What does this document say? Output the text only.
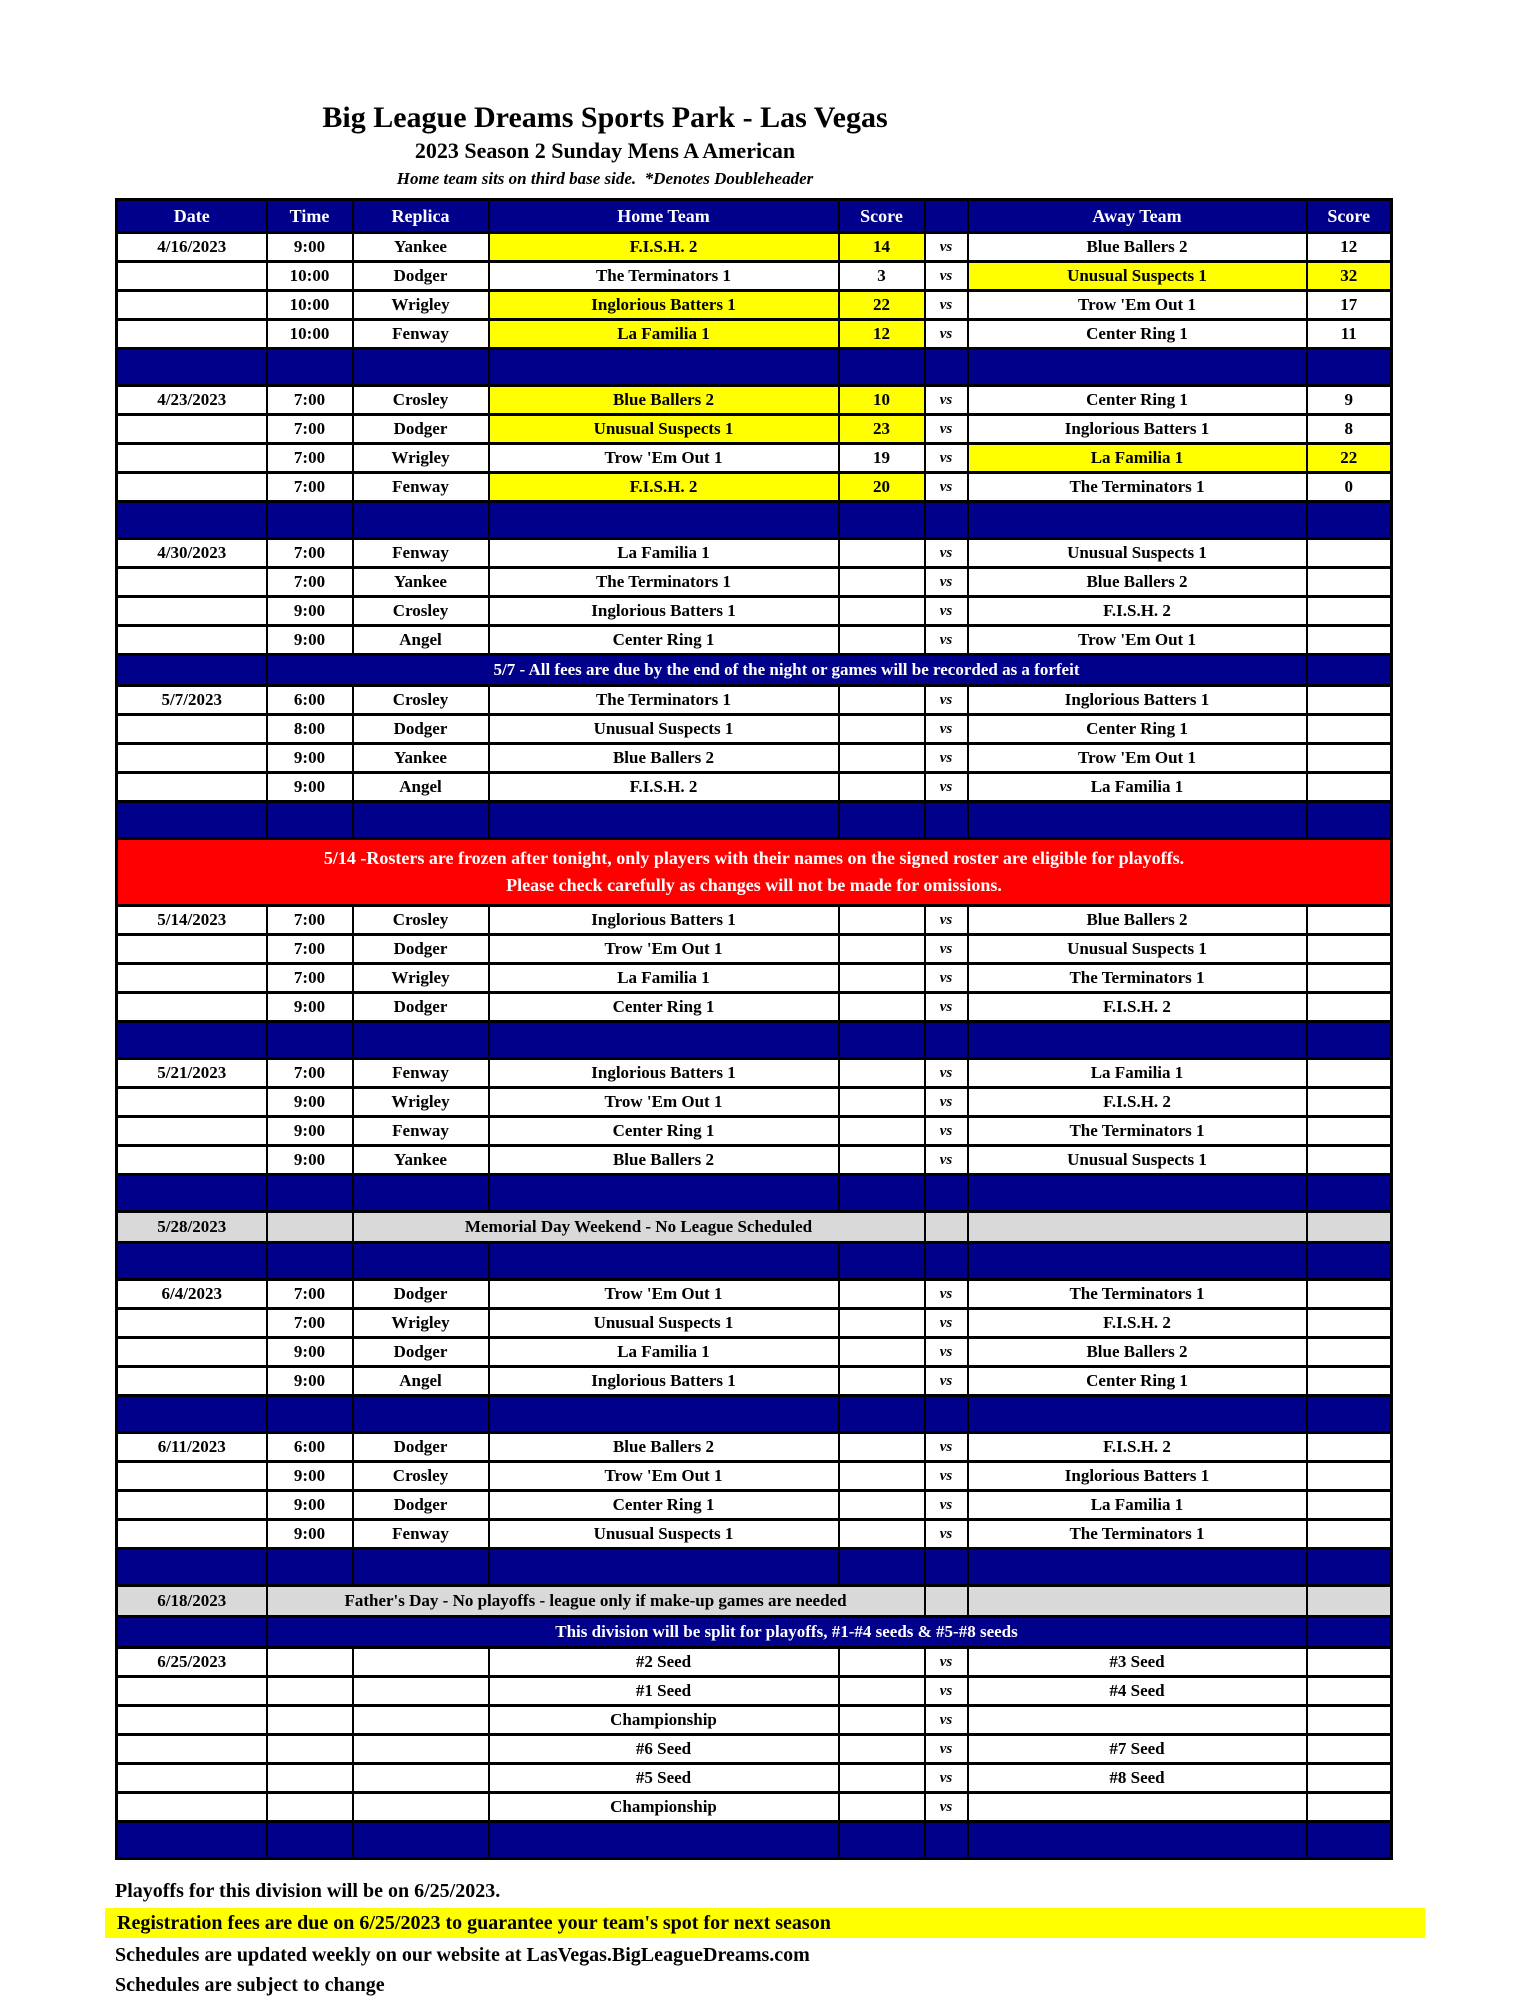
Big League Dreams Sports Park - Las Vegas
2023 Season 2 Sunday Mens A American
Home team sits on third base side.  *Denotes Doubleheader
Date	Time	Replica	Home Team	Score		Away Team	Score
4/16/2023	9:00	Yankee	F.I.S.H. 2	14	vs	Blue Ballers 2	12
	10:00	Dodger	The Terminators 1	3	vs	Unusual Suspects 1	32
	10:00	Wrigley	Inglorious Batters 1	22	vs	Trow 'Em Out 1	17
	10:00	Fenway	La Familia 1	12	vs	Center Ring 1	11

4/23/2023	7:00	Crosley	Blue Ballers 2	10	vs	Center Ring 1	9
	7:00	Dodger	Unusual Suspects 1	23	vs	Inglorious Batters 1	8
	7:00	Wrigley	Trow 'Em Out 1	19	vs	La Familia 1	22
	7:00	Fenway	F.I.S.H. 2	20	vs	The Terminators 1	0

4/30/2023	7:00	Fenway	La Familia 1		vs	Unusual Suspects 1	
	7:00	Yankee	The Terminators 1		vs	Blue Ballers 2	
	9:00	Crosley	Inglorious Batters 1		vs	F.I.S.H. 2	
	9:00	Angel	Center Ring 1		vs	Trow 'Em Out 1	
	5/7 - All fees are due by the end of the night or games will be recorded as a forfeit						
5/7/2023	6:00	Crosley	The Terminators 1		vs	Inglorious Batters 1	
	8:00	Dodger	Unusual Suspects 1		vs	Center Ring 1	
	9:00	Yankee	Blue Ballers 2		vs	Trow 'Em Out 1	
	9:00	Angel	F.I.S.H. 2		vs	La Familia 1	

5/14 -Rosters are frozen after tonight, only players with their names on the signed roster are eligible for playoffs.
Please check carefully as changes will not be made for omissions.							

5/14/2023	7:00	Crosley	Inglorious Batters 1		vs	Blue Ballers 2	
	7:00	Dodger	Trow 'Em Out 1		vs	Unusual Suspects 1	
	7:00	Wrigley	La Familia 1		vs	The Terminators 1	
	9:00	Dodger	Center Ring 1		vs	F.I.S.H. 2	

5/21/2023	7:00	Fenway	Inglorious Batters 1		vs	La Familia 1	
	9:00	Wrigley	Trow 'Em Out 1		vs	F.I.S.H. 2	
	9:00	Fenway	Center Ring 1		vs	The Terminators 1	
	9:00	Yankee	Blue Ballers 2		vs	Unusual Suspects 1	

5/28/2023		Memorial Day Weekend - No League Scheduled					

6/4/2023	7:00	Dodger	Trow 'Em Out 1		vs	The Terminators 1	
	7:00	Wrigley	Unusual Suspects 1		vs	F.I.S.H. 2	
	9:00	Dodger	La Familia 1		vs	Blue Ballers 2	
	9:00	Angel	Inglorious Batters 1		vs	Center Ring 1	

6/11/2023	6:00	Dodger	Blue Ballers 2		vs	F.I.S.H. 2	
	9:00	Crosley	Trow 'Em Out 1		vs	Inglorious Batters 1	
	9:00	Dodger	Center Ring 1		vs	La Familia 1	
	9:00	Fenway	Unusual Suspects 1		vs	The Terminators 1	

6/18/2023	Father's Day - No playoffs - league only if make-up games are needed						
	This division will be split for playoffs, #1-#4 seeds & #5-#8 seeds						
6/25/2023			#2 Seed		vs	#3 Seed	
			#1 Seed		vs	#4 Seed	
			Championship		vs		
			#6 Seed		vs	#7 Seed	
			#5 Seed		vs	#8 Seed	
			Championship		vs		

Playoffs for this division will be on 6/25/2023.
Registration fees are due on 6/25/2023 to guarantee your team's spot for next season
Schedules are updated weekly on our website at LasVegas.BigLeagueDreams.com
Schedules are subject to change
